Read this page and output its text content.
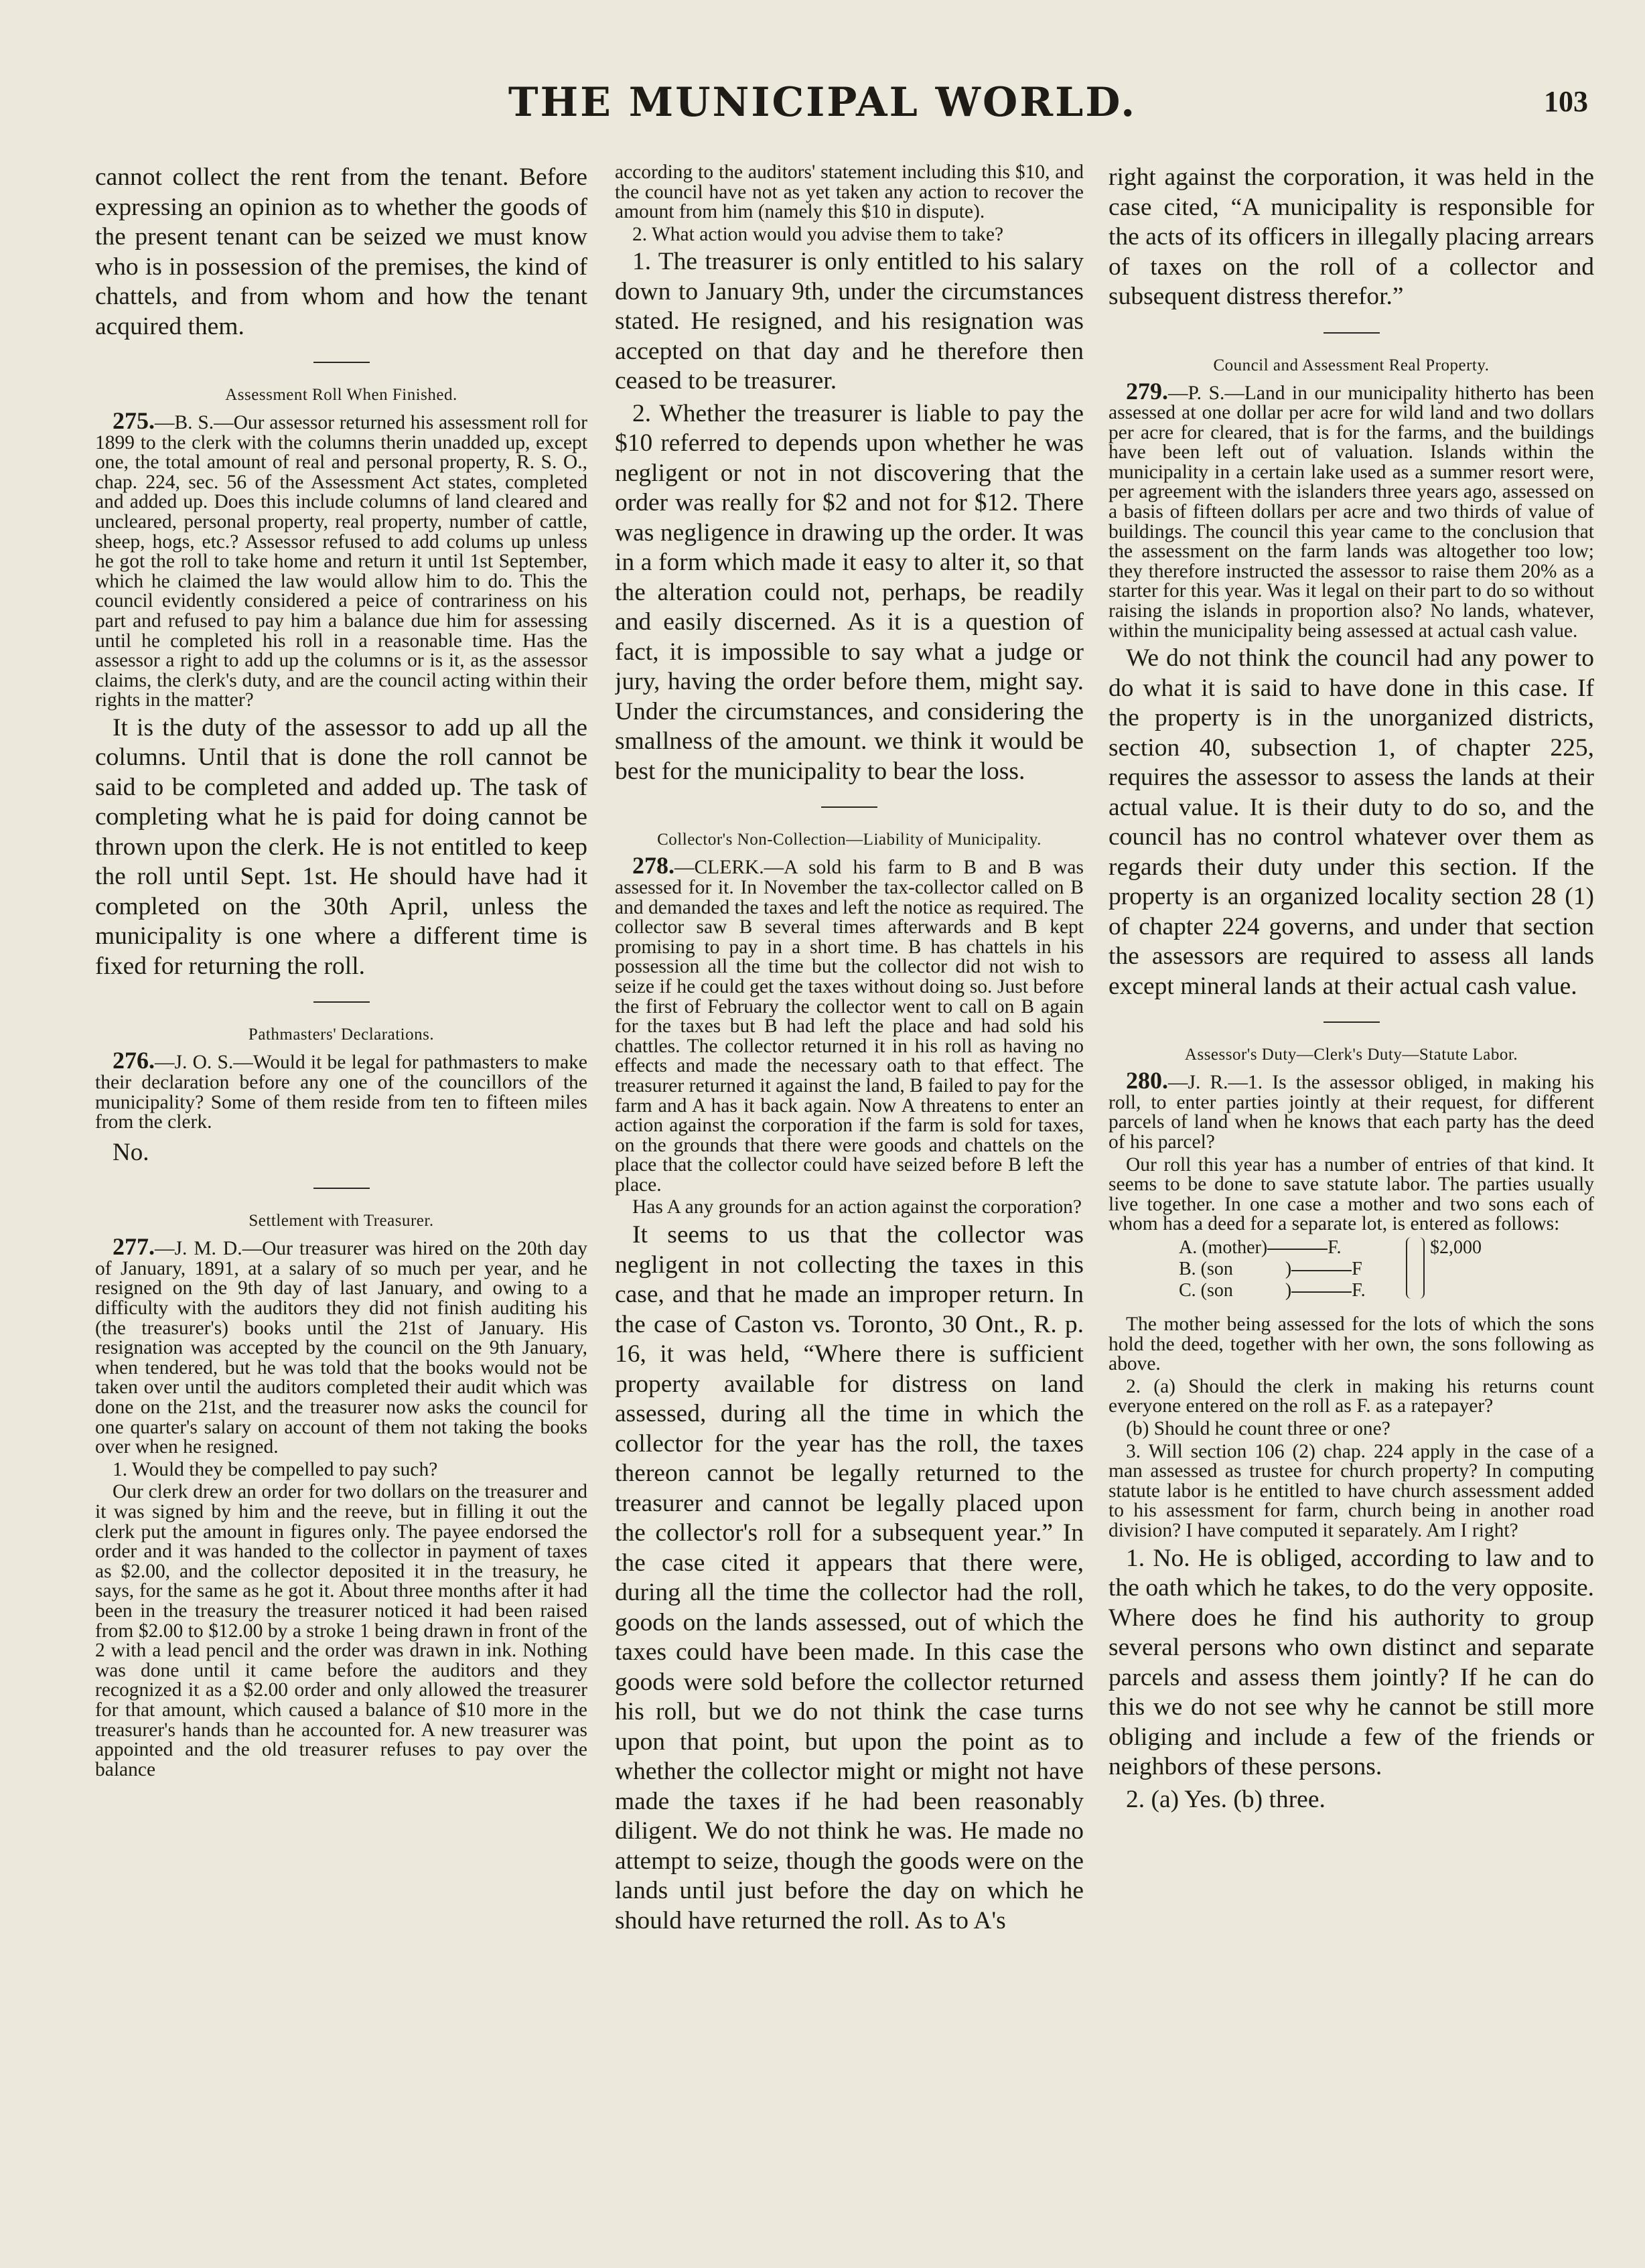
THE MUNICIPAL WORLD.	103

cannot collect the rent from the tenant. Before expressing an opinion as to whether the goods of the present tenant can be seized we must know who is in possession of the premises, the kind of chattels, and from whom and how the tenant acquired them.

Assessment Roll When Finished.

275.—B. S.—Our assessor returned his assessment roll for 1899 to the clerk with the columns therin unadded up, except one, the total amount of real and personal property, R. S. O., chap. 224, sec. 56 of the Assessment Act states, completed and added up. Does this include columns of land cleared and uncleared, personal property, real property, number of cattle, sheep, hogs, etc.? Assessor refused to add colums up unless he got the roll to take home and return it until 1st September, which he claimed the law would allow him to do. This the council evidently considered a peice of contrariness on his part and refused to pay him a balance due him for assessing until he completed his roll in a reasonable time. Has the assessor a right to add up the columns or is it, as the assessor claims, the clerk's duty, and are the council acting within their rights in the matter?

It is the duty of the assessor to add up all the columns. Until that is done the roll cannot be said to be completed and added up. The task of completing what he is paid for doing cannot be thrown upon the clerk. He is not entitled to keep the roll until Sept. 1st. He should have had it completed on the 30th April, unless the municipality is one where a different time is fixed for returning the roll.

Pathmasters' Declarations.

276.—J. O. S.—Would it be legal for pathmasters to make their declaration before any one of the councillors of the municipality? Some of them reside from ten to fifteen miles from the clerk.

No.

Settlement with Treasurer.

277.—J. M. D.—Our treasurer was hired on the 20th day of January, 1891, at a salary of so much per year, and he resigned on the 9th day of last January, and owing to a difficulty with the auditors they did not finish auditing his (the treasurer's) books until the 21st of January. His resignation was accepted by the council on the 9th January, when tendered, but he was told that the books would not be taken over until the auditors completed their audit which was done on the 21st, and the treasurer now asks the council for one quarter's salary on account of them not taking the books over when he resigned.

1. Would they be compelled to pay such?

Our clerk drew an order for two dollars on the treasurer and it was signed by him and the reeve, but in filling it out the clerk put the amount in figures only. The payee endorsed the order and it was handed to the collector in payment of taxes as $2.00, and the collector deposited it in the treasury, he says, for the same as he got it. About three months after it had been in the treasury the treasurer noticed it had been raised from $2.00 to $12.00 by a stroke 1 being drawn in front of the 2 with a lead pencil and the order was drawn in ink. Nothing was done until it came before the auditors and they recognized it as a $2.00 order and only allowed the treasurer for that amount, which caused a balance of $10 more in the treasurer's hands than he accounted for. A new treasurer was appointed and the old treasurer refuses to pay over the balance

according to the auditors' statement including this $10, and the council have not as yet taken any action to recover the amount from him (namely this $10 in dispute).

2. What action would you advise them to take?

1. The treasurer is only entitled to his salary down to January 9th, under the circumstances stated. He resigned, and his resignation was accepted on that day and he therefore then ceased to be treasurer.

2. Whether the treasurer is liable to pay the $10 referred to depends upon whether he was negligent or not in not discovering that the order was really for $2 and not for $12. There was negligence in drawing up the order. It was in a form which made it easy to alter it, so that the alteration could not, perhaps, be readily and easily discerned. As it is a question of fact, it is impossible to say what a judge or jury, having the order before them, might say. Under the circumstances, and considering the smallness of the amount. we think it would be best for the municipality to bear the loss.

Collector's Non-Collection—Liability of Municipality.

278.—CLERK.—A sold his farm to B and B was assessed for it. In November the tax-collector called on B and demanded the taxes and left the notice as required. The collector saw B several times afterwards and B kept promising to pay in a short time. B has chattels in his possession all the time but the collector did not wish to seize if he could get the taxes without doing so. Just before the first of February the collector went to call on B again for the taxes but B had left the place and had sold his chattles. The collector returned it in his roll as having no effects and made the necessary oath to that effect. The treasurer returned it against the land, B failed to pay for the farm and A has it back again. Now A threatens to enter an action against the corporation if the farm is sold for taxes, on the grounds that there were goods and chattels on the place that the collector could have seized before B left the place.

Has A any grounds for an action against the corporation?

It seems to us that the collector was negligent in not collecting the taxes in this case, and that he made an improper return. In the case of Caston vs. Toronto, 30 Ont., R. p. 16, it was held, “Where there is sufficient property available for distress on land assessed, during all the time in which the collector for the year has the roll, the taxes thereon cannot be legally returned to the treasurer and cannot be legally placed upon the collector's roll for a subsequent year.” In the case cited it appears that there were, during all the time the collector had the roll, goods on the lands assessed, out of which the taxes could have been made. In this case the goods were sold before the collector returned his roll, but we do not think the case turns upon that point, but upon the point as to whether the collector might or might not have made the taxes if he had been reasonably diligent. We do not think he was. He made no attempt to seize, though the goods were on the lands until just before the day on which he should have returned the roll. As to A's

right against the corporation, it was held in the case cited, “A municipality is responsible for the acts of its officers in illegally placing arrears of taxes on the roll of a collector and subsequent distress therefor.”

Council and Assessment Real Property.

279.—P. S.—Land in our municipality hitherto has been assessed at one dollar per acre for wild land and two dollars per acre for cleared, that is for the farms, and the buildings have been left out of valuation. Islands within the municipality in a certain lake used as a summer resort were, per agreement with the islanders three years ago, assessed on a basis of fifteen dollars per acre and two thirds of value of buildings. The council this year came to the conclusion that the assessment on the farm lands was altogether too low; they therefore instructed the assessor to raise them 20% as a starter for this year. Was it legal on their part to do so without raising the islands in proportion also? No lands, whatever, within the municipality being assessed at actual cash value.

We do not think the council had any power to do what it is said to have done in this case. If the property is in the unorganized districts, section 40, subsection 1, of chapter 225, requires the assessor to assess the lands at their actual value. It is their duty to do so, and the council has no control whatever over them as regards their duty under this section. If the property is an organized locality section 28 (1) of chapter 224 governs, and under that section the assessors are required to assess all lands except mineral lands at their actual cash value.

Assessor's Duty—Clerk's Duty—Statute Labor.

280.—J. R.—1. Is the assessor obliged, in making his roll, to enter parties jointly at their request, for different parcels of land when he knows that each party has the deed of his parcel?

Our roll this year has a number of entries of that kind. It seems to be done to save statute labor. The parties usually live together. In one case a mother and two sons each of whom has a deed for a separate lot, is entered as follows:

A. (mother)	F.
B. (son	)	F
C. (son	)	F.
$2,000

The mother being assessed for the lots of which the sons hold the deed, together with her own, the sons following as above.

2. (a) Should the clerk in making his returns count everyone entered on the roll as F. as a ratepayer?

(b) Should he count three or one?

3. Will section 106 (2) chap. 224 apply in the case of a man assessed as trustee for church property? In computing statute labor is he entitled to have church assessment added to his assessment for farm, church being in another road division? I have computed it separately. Am I right?

1. No. He is obliged, according to law and to the oath which he takes, to do the very opposite. Where does he find his authority to group several persons who own distinct and separate parcels and assess them jointly? If he can do this we do not see why he cannot be still more obliging and include a few of the friends or neighbors of these persons.

2. (a) Yes. (b) three.
